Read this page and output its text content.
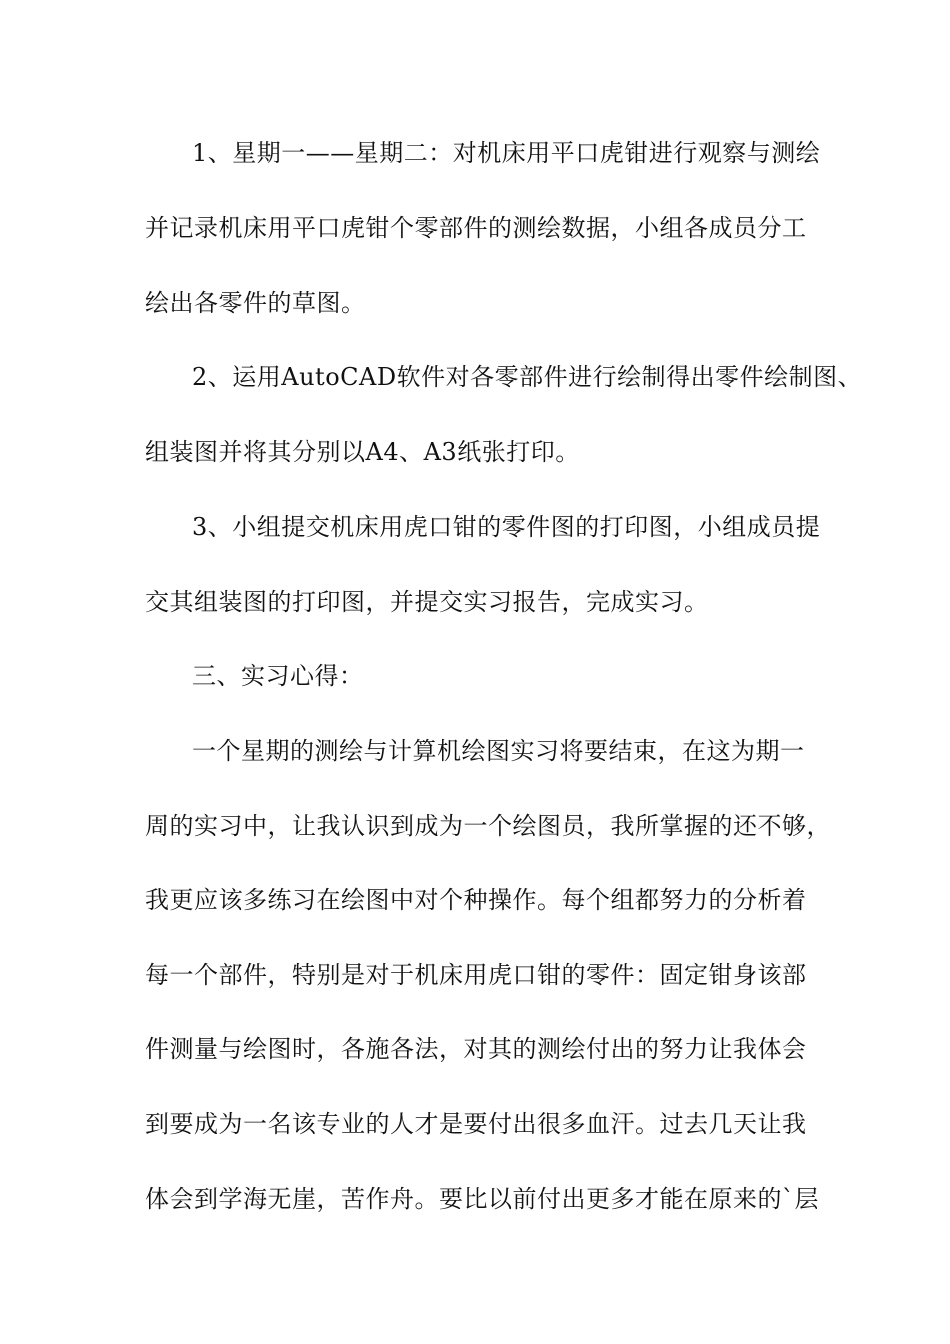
1、星期一——星期二：对机床用平口虎钳进行观察与测绘
并记录机床用平口虎钳个零部件的测绘数据，小组各成员分工
绘出各零件的草图。
2、运用AutoCAD软件对各零部件进行绘制得出零件绘制图、
组装图并将其分别以A4、A3纸张打印。
3、小组提交机床用虎口钳的零件图的打印图，小组成员提
交其组装图的打印图，并提交实习报告，完成实习。
三、实习心得：
一个星期的测绘与计算机绘图实习将要结束，在这为期一
周的实习中，让我认识到成为一个绘图员，我所掌握的还不够，
我更应该多练习在绘图中对个种操作。每个组都努力的分析着
每一个部件，特别是对于机床用虎口钳的零件：固定钳身该部
件测量与绘图时，各施各法，对其的测绘付出的努力让我体会
到要成为一名该专业的人才是要付出很多血汗。过去几天让我
体会到学海无崖，苦作舟。要比以前付出更多才能在原来的`层
